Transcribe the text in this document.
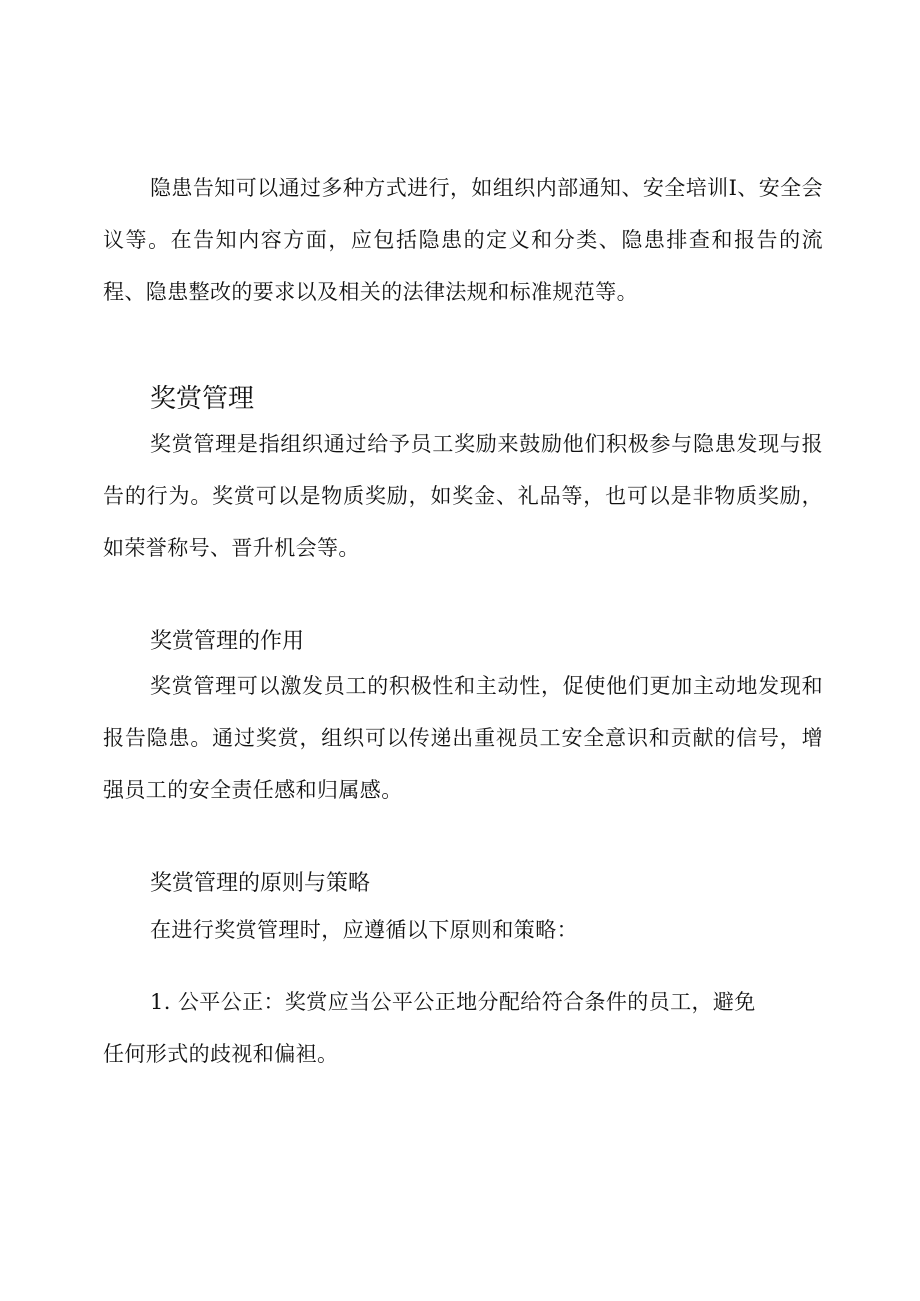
隐患告知可以通过多种方式进行，如组织内部通知、安全培训I、安全会议等。在告知内容方面，应包括隐患的定义和分类、隐患排查和报告的流程、隐患整改的要求以及相关的法律法规和标准规范等。

奖赏管理

奖赏管理是指组织通过给予员工奖励来鼓励他们积极参与隐患发现与报告的行为。奖赏可以是物质奖励，如奖金、礼品等，也可以是非物质奖励，如荣誉称号、晋升机会等。

奖赏管理的作用

奖赏管理可以激发员工的积极性和主动性，促使他们更加主动地发现和报告隐患。通过奖赏，组织可以传递出重视员工安全意识和贡献的信号，增强员工的安全责任感和归属感。

奖赏管理的原则与策略

在进行奖赏管理时，应遵循以下原则和策略：

1. 公平公正：奖赏应当公平公正地分配给符合条件的员工，避免任何形式的歧视和偏袒。
